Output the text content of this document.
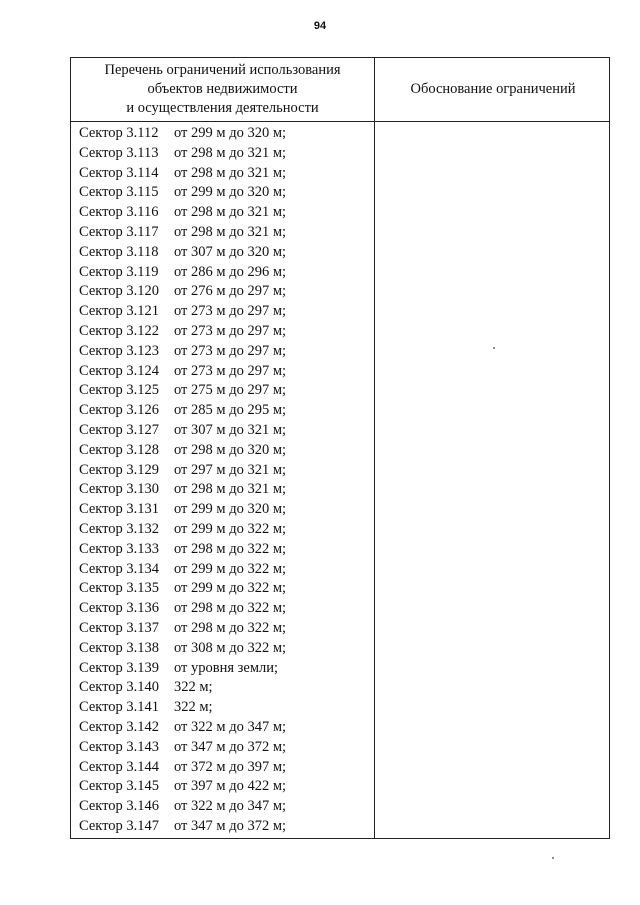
94
Перечень ограничений использования
объектов недвижимости
и осуществления деятельности
Обоснование ограничений
Сектор 3.112 от 299 м до 320 м;
Сектор 3.113 от 298 м до 321 м;
Сектор 3.114 от 298 м до 321 м;
Сектор 3.115 от 299 м до 320 м;
Сектор 3.116 от 298 м до 321 м;
Сектор 3.117 от 298 м до 321 м;
Сектор 3.118 от 307 м до 320 м;
Сектор 3.119 от 286 м до 296 м;
Сектор 3.120 от 276 м до 297 м;
Сектор 3.121 от 273 м до 297 м;
Сектор 3.122 от 273 м до 297 м;
Сектор 3.123 от 273 м до 297 м;
Сектор 3.124 от 273 м до 297 м;
Сектор 3.125 от 275 м до 297 м;
Сектор 3.126 от 285 м до 295 м;
Сектор 3.127 от 307 м до 321 м;
Сектор 3.128 от 298 м до 320 м;
Сектор 3.129 от 297 м до 321 м;
Сектор 3.130 от 298 м до 321 м;
Сектор 3.131 от 299 м до 320 м;
Сектор 3.132 от 299 м до 322 м;
Сектор 3.133 от 298 м до 322 м;
Сектор 3.134 от 299 м до 322 м;
Сектор 3.135 от 299 м до 322 м;
Сектор 3.136 от 298 м до 322 м;
Сектор 3.137 от 298 м до 322 м;
Сектор 3.138 от 308 м до 322 м;
Сектор 3.139 от уровня земли;
Сектор 3.140 322 м;
Сектор 3.141 322 м;
Сектор 3.142 от 322 м до 347 м;
Сектор 3.143 от 347 м до 372 м;
Сектор 3.144 от 372 м до 397 м;
Сектор 3.145 от 397 м до 422 м;
Сектор 3.146 от 322 м до 347 м;
Сектор 3.147 от 347 м до 372 м;
